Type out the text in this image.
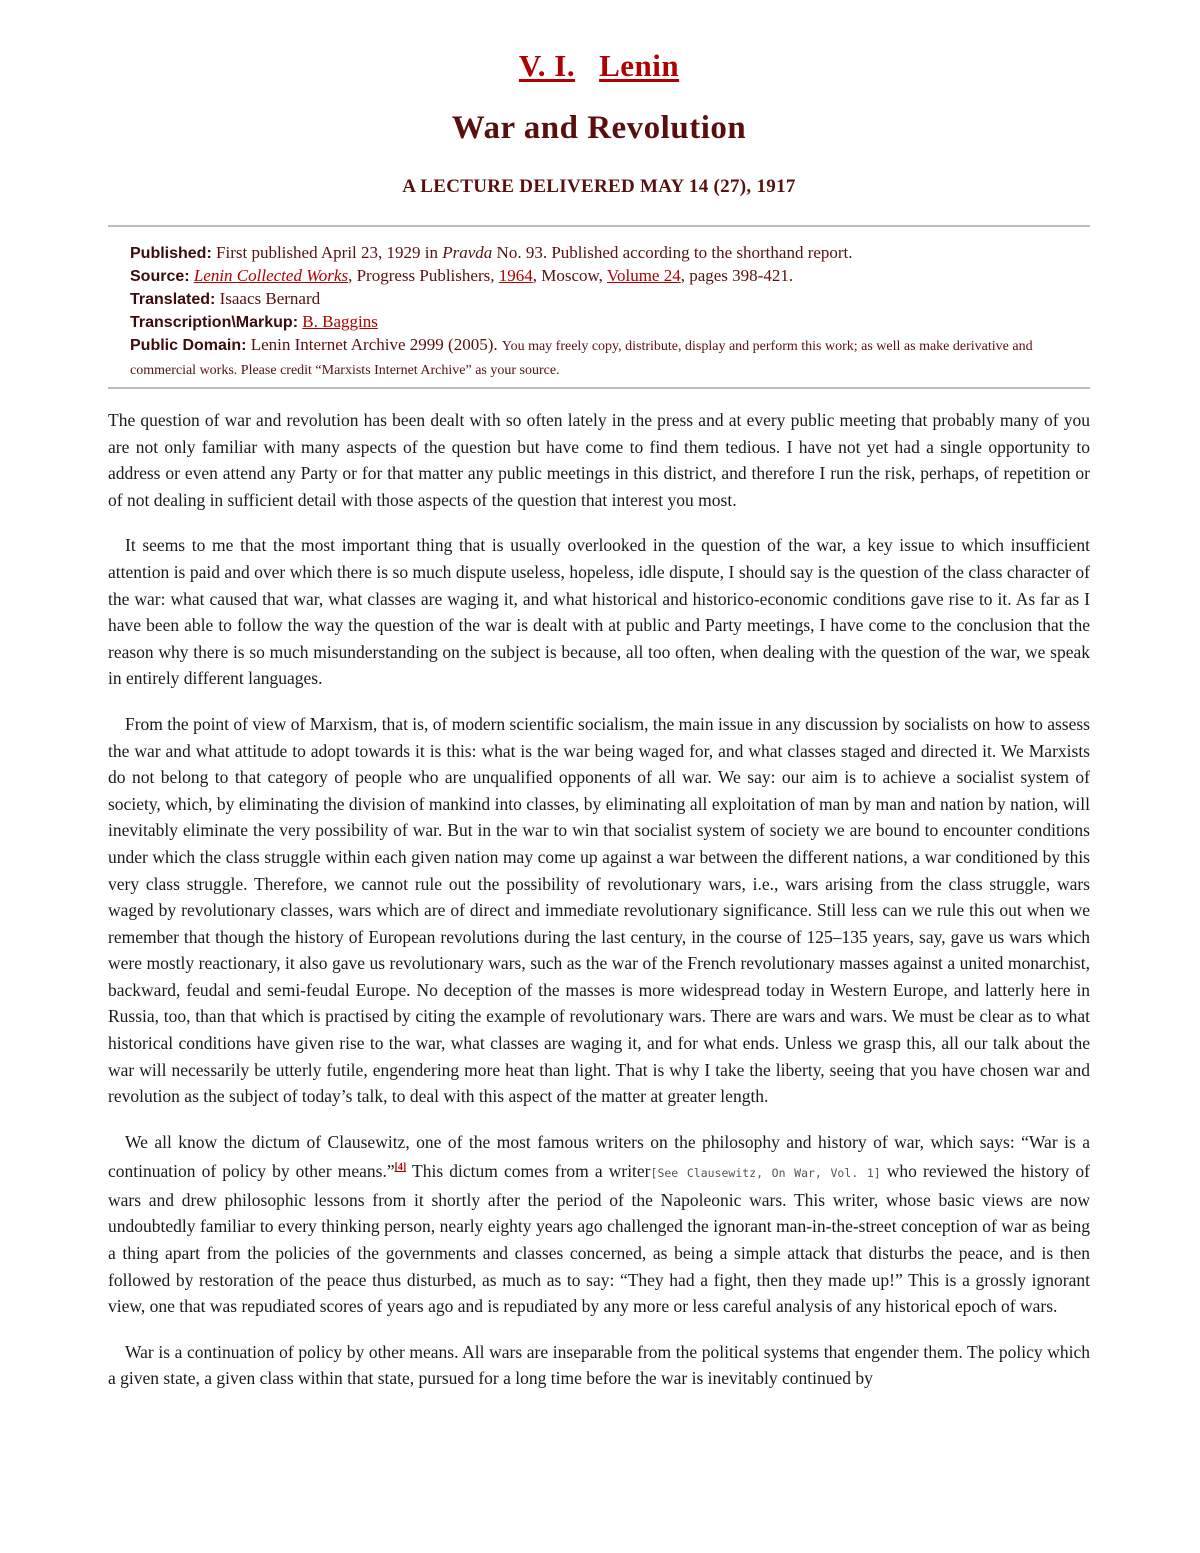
V. I. Lenin
War and Revolution
A LECTURE DELIVERED MAY 14 (27), 1917
Published: First published April 23, 1929 in Pravda No. 93. Published according to the shorthand report.
Source: Lenin Collected Works, Progress Publishers, 1964, Moscow, Volume 24, pages 398-421.
Translated: Isaacs Bernard
Transcription\Markup: B. Baggins
Public Domain: Lenin Internet Archive 2999 (2005). You may freely copy, distribute, display and perform this work; as well as make derivative and commercial works. Please credit “Marxists Internet Archive” as your source.

The question of war and revolution has been dealt with so often lately in the press and at every public meeting that probably many of you are not only familiar with many aspects of the question but have come to find them tedious. I have not yet had a single opportunity to address or even attend any Party or for that matter any public meetings in this district, and therefore I run the risk, perhaps, of repetition or of not dealing in sufficient detail with those aspects of the question that interest you most.

It seems to me that the most important thing that is usually overlooked in the question of the war, a key issue to which insufficient attention is paid and over which there is so much dispute useless, hopeless, idle dispute, I should say is the question of the class character of the war: what caused that war, what classes are waging it, and what historical and historico-economic conditions gave rise to it. As far as I have been able to follow the way the question of the war is dealt with at public and Party meetings, I have come to the conclusion that the reason why there is so much misunderstanding on the subject is because, all too often, when dealing with the question of the war, we speak in entirely different languages.

From the point of view of Marxism, that is, of modern scientific socialism, the main issue in any discussion by socialists on how to assess the war and what attitude to adopt towards it is this: what is the war being waged for, and what classes staged and directed it. We Marxists do not belong to that category of people who are unqualified opponents of all war. We say: our aim is to achieve a socialist system of society, which, by eliminating the division of mankind into classes, by eliminating all exploitation of man by man and nation by nation, will inevitably eliminate the very possibility of war. But in the war to win that socialist system of society we are bound to encounter conditions under which the class struggle within each given nation may come up against a war between the different nations, a war conditioned by this very class struggle. Therefore, we cannot rule out the possibility of revolutionary wars, i.e., wars arising from the class struggle, wars waged by revolutionary classes, wars which are of direct and immediate revolutionary significance. Still less can we rule this out when we remember that though the history of European revolutions during the last century, in the course of 125–135 years, say, gave us wars which were mostly reactionary, it also gave us revolutionary wars, such as the war of the French revolutionary masses against a united monarchist, backward, feudal and semi-feudal Europe. No deception of the masses is more widespread today in Western Europe, and latterly here in Russia, too, than that which is practised by citing the example of revolutionary wars. There are wars and wars. We must be clear as to what historical conditions have given rise to the war, what classes are waging it, and for what ends. Unless we grasp this, all our talk about the war will necessarily be utterly futile, engendering more heat than light. That is why I take the liberty, seeing that you have chosen war and revolution as the subject of today’s talk, to deal with this aspect of the matter at greater length.

We all know the dictum of Clausewitz, one of the most famous writers on the philosophy and history of war, which says: “War is a continuation of policy by other means.”[4] This dictum comes from a writer[See Clausewitz, On War, Vol. 1] who reviewed the history of wars and drew philosophic lessons from it shortly after the period of the Napoleonic wars. This writer, whose basic views are now undoubtedly familiar to every thinking person, nearly eighty years ago challenged the ignorant man-in-the-street conception of war as being a thing apart from the policies of the governments and classes concerned, as being a simple attack that disturbs the peace, and is then followed by restoration of the peace thus disturbed, as much as to say: “They had a fight, then they made up!” This is a grossly ignorant view, one that was repudiated scores of years ago and is repudiated by any more or less careful analysis of any historical epoch of wars.

War is a continuation of policy by other means. All wars are inseparable from the political systems that engender them. The policy which a given state, a given class within that state, pursued for a long time before the war is inevitably continued by
